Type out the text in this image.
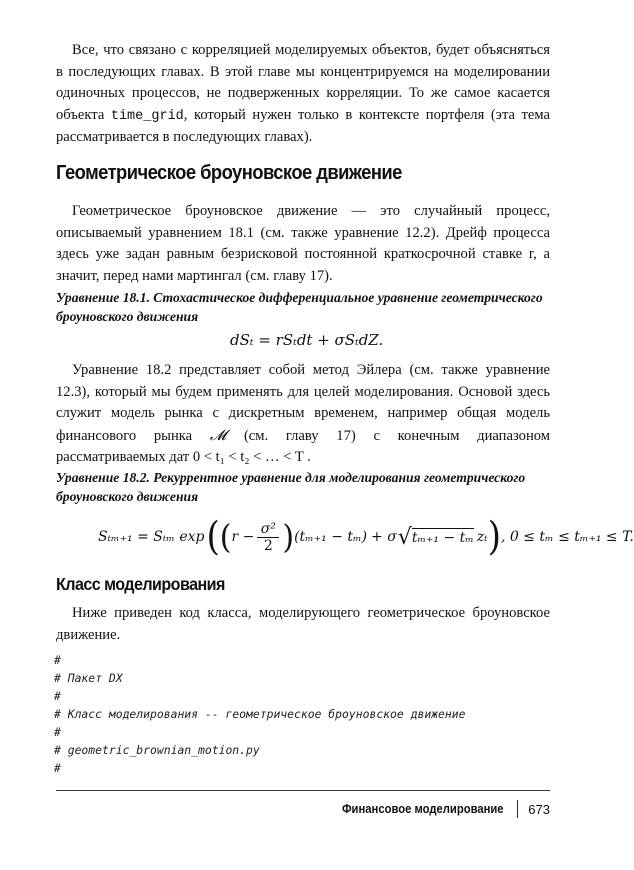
Все, что связано с корреляцией моделируемых объектов, будет объясняться в последующих главах. В этой главе мы концентрируемся на моделировании одиночных процессов, не подверженных корреляции. То же самое касается объекта time_grid, который нужен только в контексте портфеля (эта тема рассматривается в последующих главах).

Геометрическое броуновское движение

Геометрическое броуновское движение — это случайный процесс, описываемый уравнением 18.1 (см. также уравнение 12.2). Дрейф процесса здесь уже задан равным безрисковой постоянной краткосрочной ставке r, а значит, перед нами мартингал (см. главу 17).

Уравнение 18.1. Стохастическое дифференциальное уравнение геометрического броуновского движения

dSₜ = rSₜdt + σSₜdZ.

Уравнение 18.2 представляет собой метод Эйлера (см. также уравнение 12.3), который мы будем применять для целей моделирования. Основой здесь служит модель рынка с дискретным временем, например общая модель финансового рынка 𝓜 (см. главу 17) с конечным диапазоном рассматриваемых дат 0 < t₁ < t₂ < … < T .

Уравнение 18.2. Рекуррентное уравнение для моделирования геометрического броуновского движения

Sₜₘ₊₁ = Sₜₘ exp ( ( r −
σ²
2 ) (tₘ₊₁ − tₘ) + σ √ tₘ₊₁ − tₘ zₜ ) , 0 ≤ tₘ ≤ tₘ₊₁ ≤ T.
Класс моделирования

Ниже приведен код класса, моделирующего геометрическое броуновское движение.

#
# Пакет DX
#
# Класс моделирования -- геометрическое броуновское движение
#
# geometric_brownian_motion.py
#
Финансовое моделирование 673
